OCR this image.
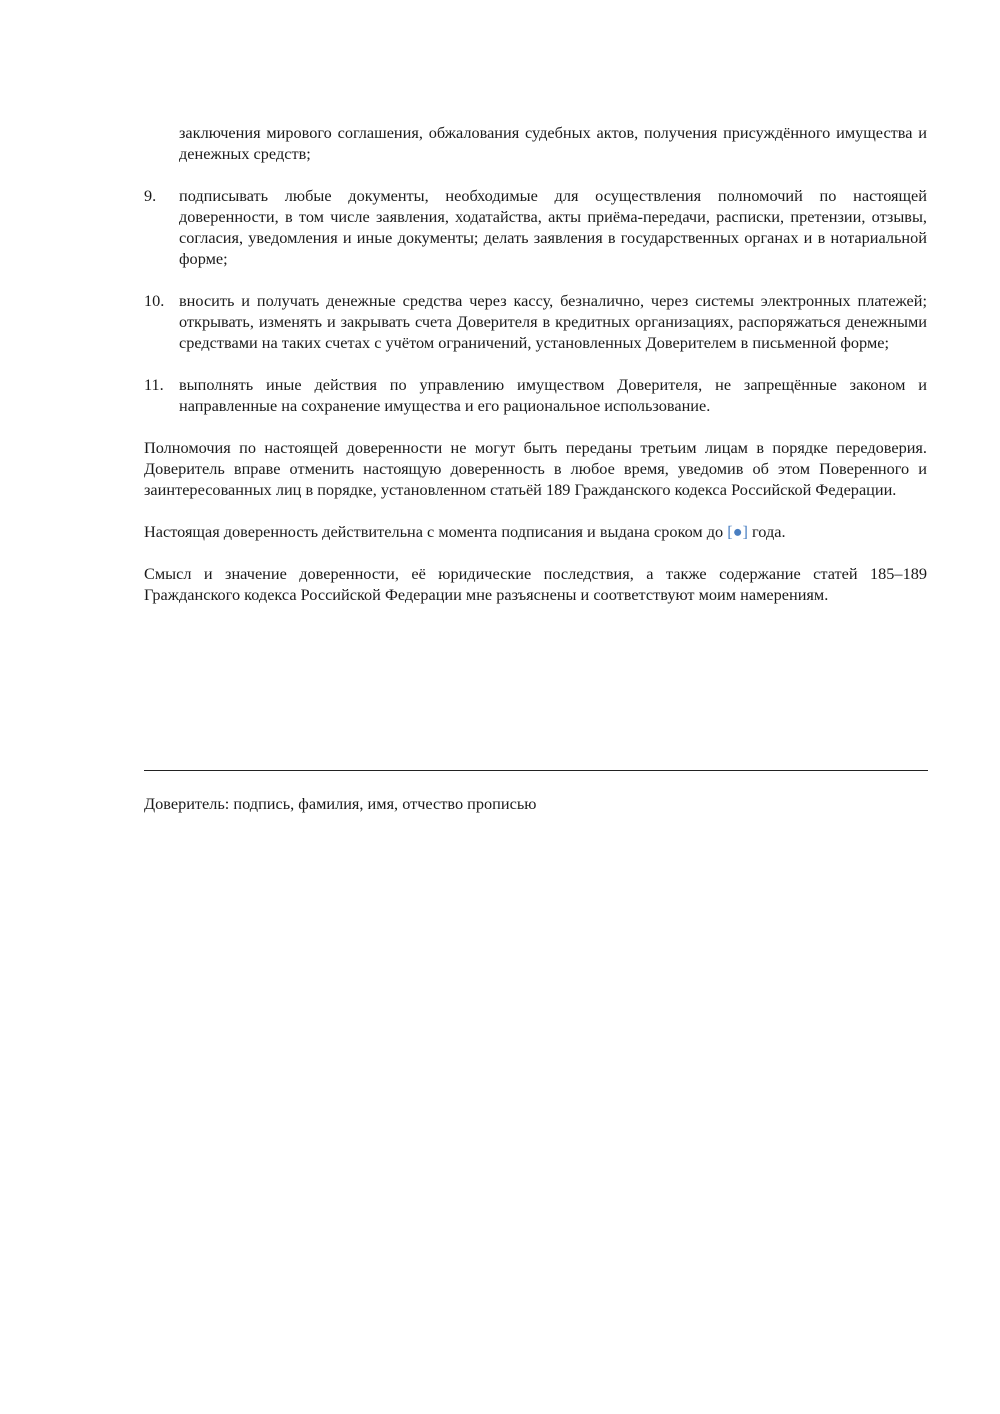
заключения мирового соглашения, обжалования судебных актов, получения присуждённого имущества и денежных средств;

9.	подписывать любые документы, необходимые для осуществления полномочий по настоящей доверенности, в том числе заявления, ходатайства, акты приёма-передачи, расписки, претензии, отзывы, согласия, уведомления и иные документы; делать заявления в государственных органах и в нотариальной форме;
10. вносить и получать денежные средства через кассу, безналично, через системы электронных платежей; открывать, изменять и закрывать счета Доверителя в кредитных организациях, распоряжаться денежными средствами на таких счетах с учётом ограничений, установленных Доверителем в письменной форме;
11. выполнять иные действия по управлению имуществом Доверителя, не запрещённые законом и направленные на сохранение имущества и его рациональное использование.

Полномочия по настоящей доверенности не могут быть переданы третьим лицам в порядке передоверия. Доверитель вправе отменить настоящую доверенность в любое время, уведомив об этом Поверенного и заинтересованных лиц в порядке, установленном статьёй 189 Гражданского кодекса Российской Федерации.

Настоящая доверенность действительна с момента подписания и выдана сроком до [●] года.

Смысл и значение доверенности, её юридические последствия, а также содержание статей 185–189 Гражданского кодекса Российской Федерации мне разъяснены и соответствуют моим намерениям.

Доверитель: подпись, фамилия, имя, отчество прописью
